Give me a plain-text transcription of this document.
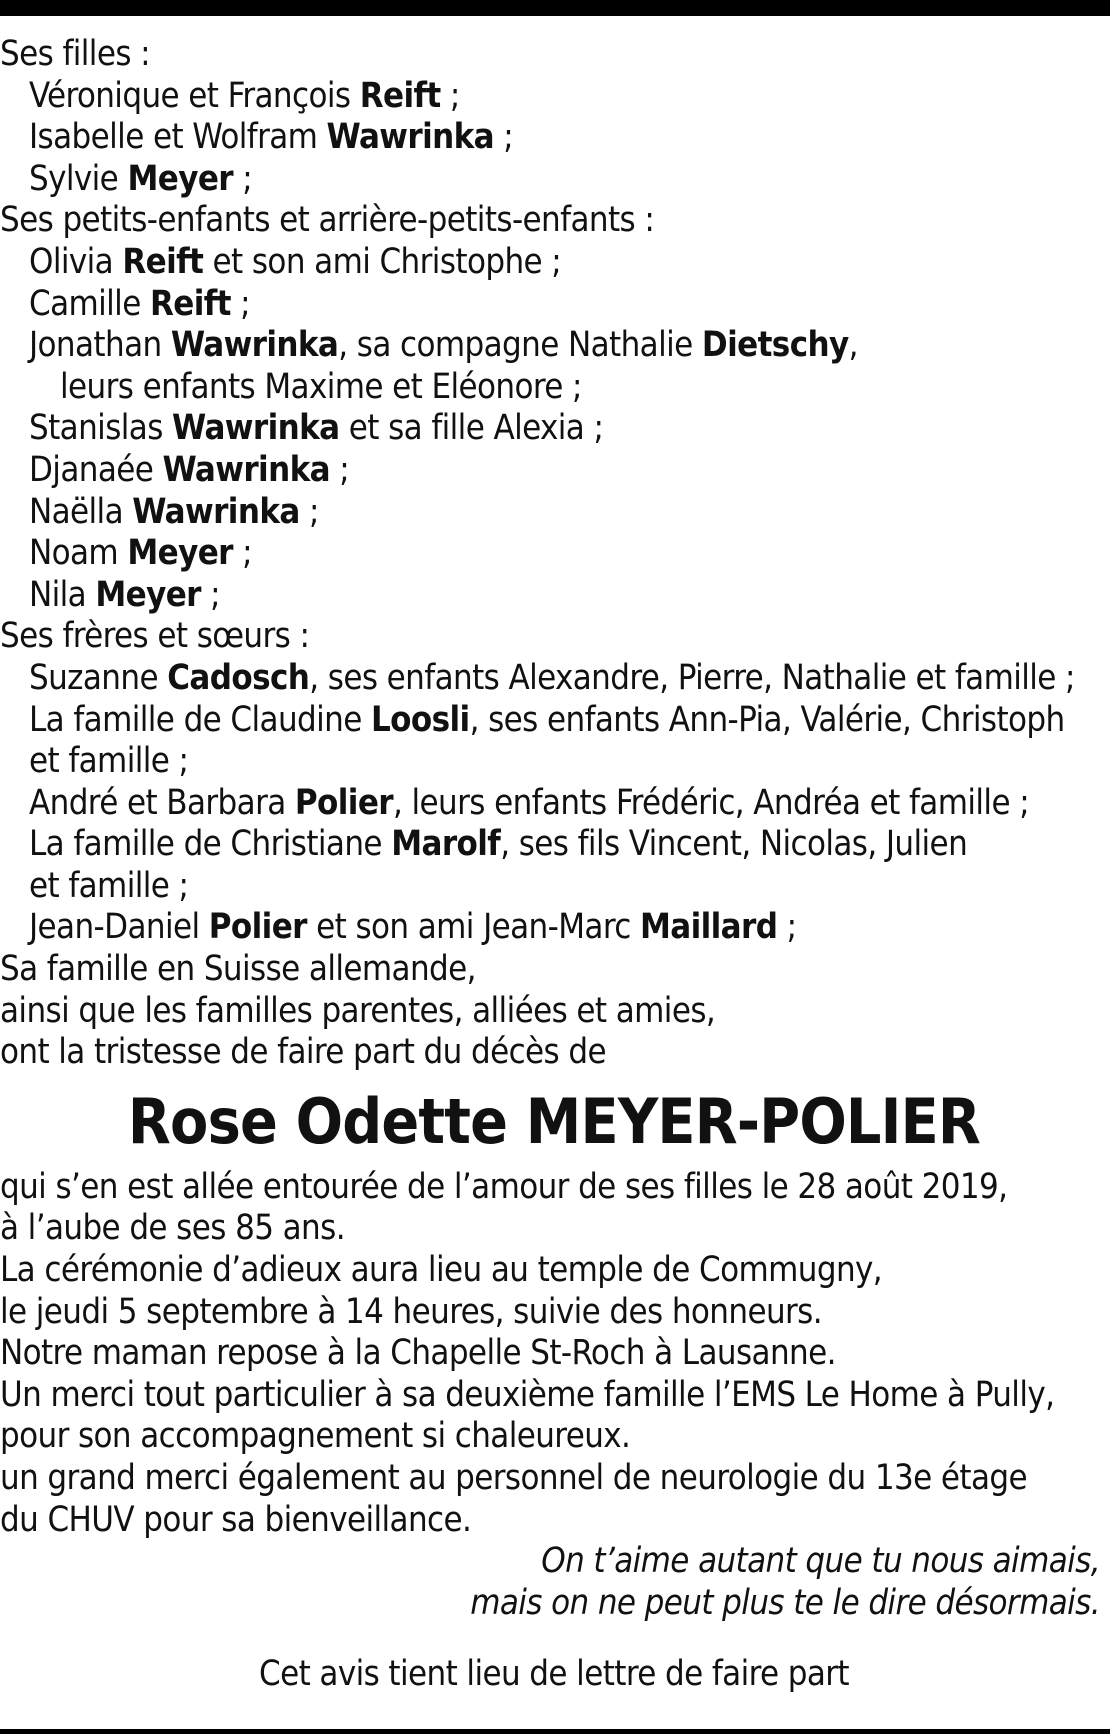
Ses filles :
Véronique et François Reift ;
Isabelle et Wolfram Wawrinka ;
Sylvie Meyer ;
Ses petits-enfants et arrière-petits-enfants :
Olivia Reift et son ami Christophe ;
Camille Reift ;
Jonathan Wawrinka, sa compagne Nathalie Dietschy,
leurs enfants Maxime et Eléonore ;
Stanislas Wawrinka et sa fille Alexia ;
Djanaée Wawrinka ;
Naëlla Wawrinka ;
Noam Meyer ;
Nila Meyer ;
Ses frères et sœurs :
Suzanne Cadosch, ses enfants Alexandre, Pierre, Nathalie et famille ;
La famille de Claudine Loosli, ses enfants Ann-Pia, Valérie, Christoph
et famille ;
André et Barbara Polier, leurs enfants Frédéric, Andréa et famille ;
La famille de Christiane Marolf, ses fils Vincent, Nicolas, Julien
et famille ;
Jean-Daniel Polier et son ami Jean-Marc Maillard ;
Sa famille en Suisse allemande,
ainsi que les familles parentes, alliées et amies,
ont la tristesse de faire part du décès de
Rose Odette MEYER-POLIER
qui s’en est allée entourée de l’amour de ses filles le 28 août 2019,
à l’aube de ses 85 ans.
La cérémonie d’adieux aura lieu au temple de Commugny,
le jeudi 5 septembre à 14 heures, suivie des honneurs.
Notre maman repose à la Chapelle St-Roch à Lausanne.
Un merci tout particulier à sa deuxième famille l’EMS Le Home à Pully,
pour son accompagnement si chaleureux.
un grand merci également au personnel de neurologie du 13e étage
du CHUV pour sa bienveillance.
On t’aime autant que tu nous aimais,
mais on ne peut plus te le dire désormais.
Cet avis tient lieu de lettre de faire part
